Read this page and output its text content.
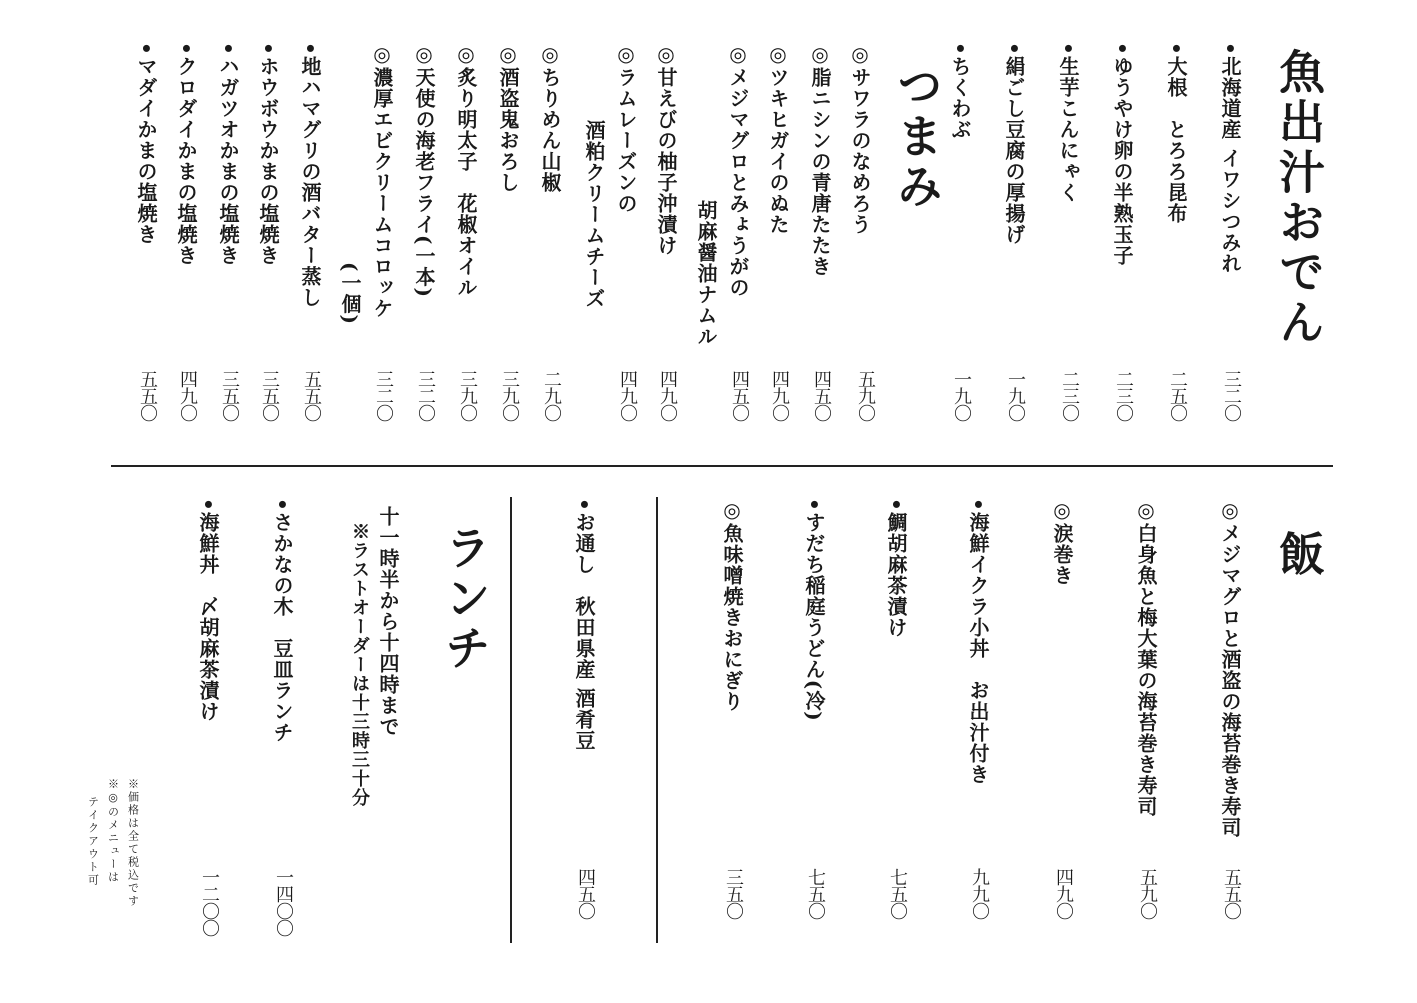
魚出汁おでん
•北海道産 イワシつみれ
三二〇
•大根　とろろ昆布
二五〇
•ゆうやけ卵の半熟玉子
二三〇
•生芋こんにゃく
二三〇
•絹ごし豆腐の厚揚げ
一九〇
•ちくわぶ
一九〇
つまみ
◎サワラのなめろう
五九〇
◎脂ニシンの青唐たたき
四五〇
◎ツキヒガイのぬた
四九〇
◎メジマグロとみょうがの
胡麻醤油ナムル
四五〇
◎甘えびの柚子沖漬け
四九〇
◎ラムレーズンの
酒粕クリームチーズ
四九〇
◎ちりめん山椒
二九〇
◎酒盗鬼おろし
三九〇
◎炙り明太子　花椒オイル
三九〇
◎天使の海老フライ(一本)
三二〇
◎濃厚エビクリームコロッケ
(一個)
三二〇
•地ハマグリの酒バター蒸し
五五〇
•ホウボウかまの塩焼き
三五〇
•ハガツオかまの塩焼き
三五〇
•クロダイかまの塩焼き
四九〇
•マダイかまの塩焼き
五五〇
飯
◎メジマグロと酒盗の海苔巻き寿司
五五〇
◎白身魚と梅大葉の海苔巻き寿司
五九〇
◎涙巻き
四九〇
•海鮮イクラ小丼　お出汁付き
九九〇
•鯛胡麻茶漬け
七五〇
•すだち稲庭うどん(冷)
七五〇
◎魚味噌焼きおにぎり
三五〇
•お通し　秋田県産 酒肴豆
四五〇
ランチ
十一時半から十四時まで
※ラストオーダーは十三時三十分
•さかなの木　豆皿ランチ
一四〇〇
•海鮮丼　〆胡麻茶漬け
一二〇〇
※価格は全て税込です
※◎のメニューは
テイクアウト可
